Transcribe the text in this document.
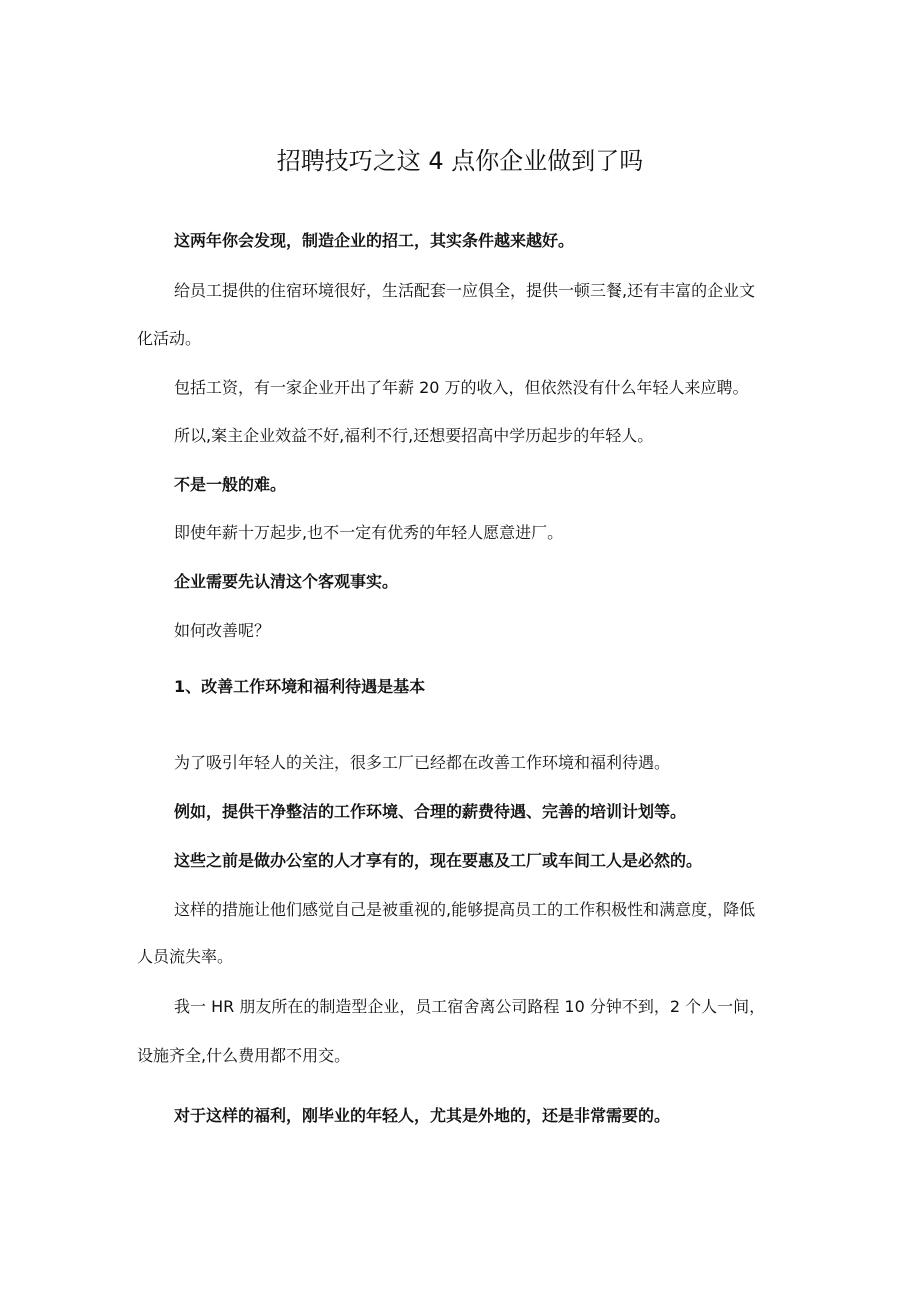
招聘技巧之这 4 点你企业做到了吗
这两年你会发现，制造企业的招工，其实条件越来越好。
给员工提供的住宿环境很好，生活配套一应俱全，提供一顿三餐,还有丰富的企业文
化活动。
包括工资，有一家企业开出了年薪 20 万的收入，但依然没有什么年轻人来应聘。
所以,案主企业效益不好,福利不行,还想要招高中学历起步的年轻人。
不是一般的难。
即使年薪十万起步,也不一定有优秀的年轻人愿意进厂。
企业需要先认清这个客观事实。
如何改善呢？
1、改善工作环境和福利待遇是基本
为了吸引年轻人的关注，很多工厂已经都在改善工作环境和福利待遇。
例如，提供干净整洁的工作环境、合理的薪费待遇、完善的培训计划等。
这些之前是做办公室的人才享有的，现在要惠及工厂或车间工人是必然的。
这样的措施让他们感觉自己是被重视的,能够提高员工的工作积极性和满意度，降低
人员流失率。
我一 HR 朋友所在的制造型企业，员工宿舍离公司路程 10 分钟不到，2 个人一间，
设施齐全,什么费用都不用交。
对于这样的福利，刚毕业的年轻人，尤其是外地的，还是非常需要的。
